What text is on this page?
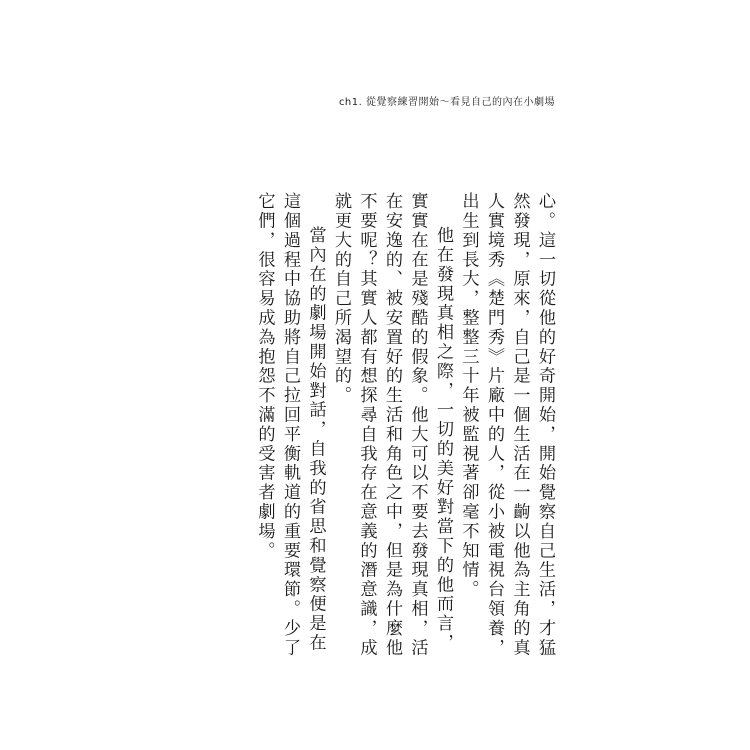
ch1. 從覺察練習開始～看見自己的內在小劇場

心。這一切從他的好奇開始，開始覺察自己生活，才猛然發現，原來，自己是一個生活在一齣以他為主角的真人實境秀《楚門秀》片廠中的人，從小被電視台領養，出生到長大，整整三十年被監視著卻毫不知情。

他在發現真相之際，一切的美好對當下的他而言，實實在在是殘酷的假象。他大可以不要去發現真相，活在安逸的、被安置好的生活和角色之中，但是為什麼他不要呢？其實人都有想探尋自我存在意義的潛意識，成就更大的自己所渴望的。

當內在的劇場開始對話，自我的省思和覺察便是在這個過程中協助將自己拉回平衡軌道的重要環節。少了它們，很容易成為抱怨不滿的受害者劇場。
